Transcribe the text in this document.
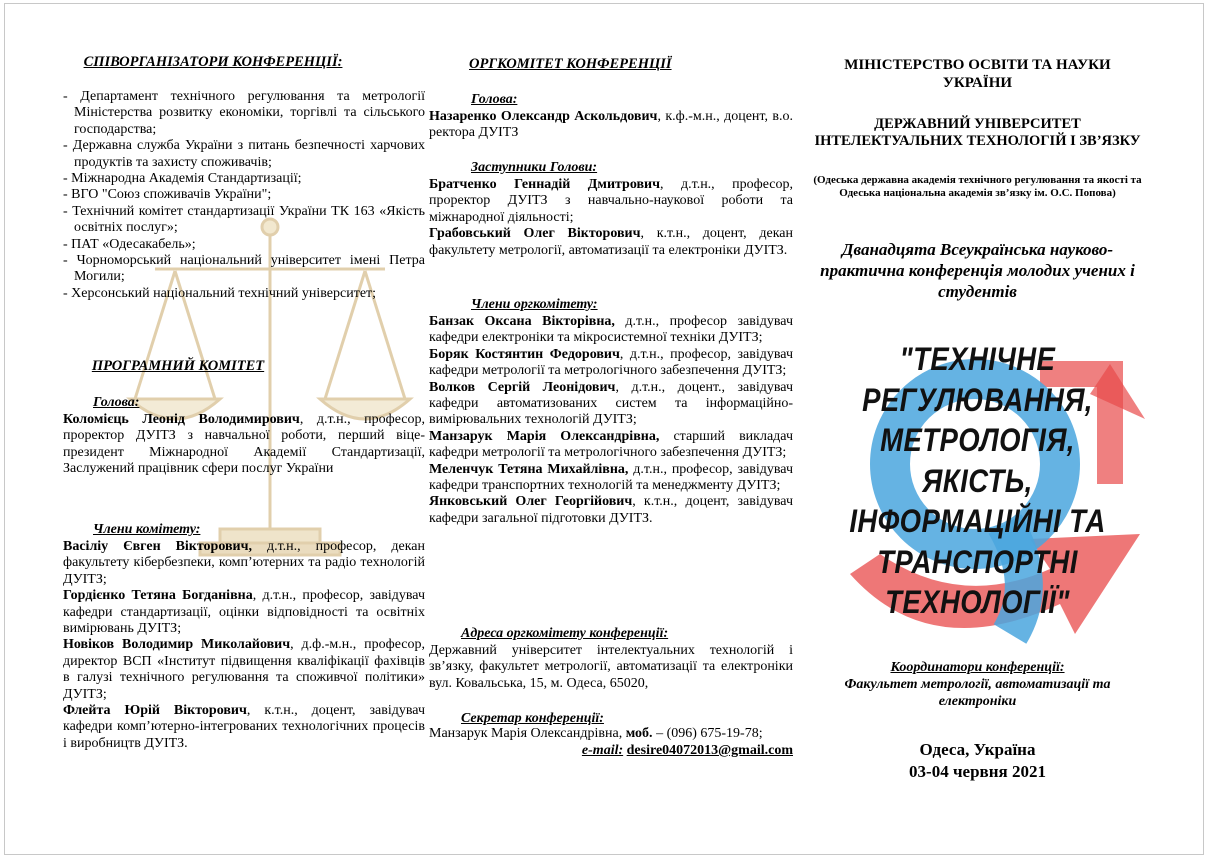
СПІВОРГАНІЗАТОРИ КОНФЕРЕНЦІЇ:
- Департамент технічного регулювання та метрології Міністерства розвитку економіки, торгівлі та сільського господарства;
- Державна служба України з питань безпечності харчових продуктів та захисту споживачів;
- Міжнародна Академія Стандартизації;
- ВГО "Союз споживачів України";
- Технічний комітет стандартизації України ТК 163 «Якість освітніх послуг»;
- ПАТ «Одесакабель»;
- Чорноморський національний університет імені Петра Могили;
- Херсонський національний технічний університет;
ПРОГРАМНИЙ КОМІТЕТ
Голова:

Коломієць Леонід Володимирович, д.т.н., професор, проректор ДУІТЗ з навчальної роботи, перший віце-президент Міжнародної Академії Стандартизації, Заслужений працівник сфери послуг України

Члени комітету:

Васіліу Євген Вікторович, д.т.н., професор, декан факультету кібербезпеки, комп’ютерних та радіо технологій ДУІТЗ;

Гордієнко Тетяна Богданівна, д.т.н., професор, завідувач кафедри стандартизації, оцінки відповідності та освітніх вимірювань ДУІТЗ;

Новіков Володимир Миколайович, д.ф.-м.н., професор, директор ВСП «Інститут підвищення кваліфікації фахівців в галузі технічного регулювання та споживчої політики» ДУІТЗ;

Флейта Юрій Вікторович, к.т.н., доцент, завідувач кафедри комп’ютерно-інтегрованих технологічних процесів і виробництв ДУІТЗ.

ОРГКОМІТЕТ КОНФЕРЕНЦІЇ
Голова:

Назаренко Олександр Аскольдович, к.ф.-м.н., доцент, в.о. ректора ДУІТЗ

Заступники Голови:

Братченко Геннадій Дмитрович, д.т.н., професор, проректор ДУІТЗ з навчально-наукової роботи та міжнародної діяльності;

Грабовський Олег Вікторович, к.т.н., доцент, декан факультету метрології, автоматизації та електроніки ДУІТЗ.

Члени оргкомітету:

Банзак Оксана Вікторівна, д.т.н., професор завідувач кафедри електроніки та мікросистемної техніки ДУІТЗ;

Боряк Костянтин Федорович, д.т.н., професор, завідувач кафедри метрології та метрологічного забезпечення ДУІТЗ;

Волков Сергій Леонідович, д.т.н., доцент., завідувач кафедри автоматизованих систем та інформаційно-вимірювальних технологій ДУІТЗ;

Манзарук Марія Олександрівна, старший викладач кафедри метрології та метрологічного забезпечення ДУІТЗ;

Меленчук Тетяна Михайлівна, д.т.н., професор, завідувач кафедри транспортних технологій та менеджменту ДУІТЗ;

Янковський Олег Георгійович, к.т.н., доцент, завідувач кафедри загальної підготовки ДУІТЗ.

Адреса оргкомітету конференції:

Державний університет інтелектуальних технологій і зв’язку, факультет метрології, автоматизації та електроніки вул. Ковальська, 15, м. Одеса, 65020,

Секретар конференції:

Манзарук Марія Олександрівна, моб. – (096) 675-19-78;

e-mail: desire04072013@gmail.com

МІНІСТЕРСТВО ОСВІТИ ТА НАУКИ УКРАЇНИ
ДЕРЖАВНИЙ УНІВЕРСИТЕТ ІНТЕЛЕКТУАЛЬНИХ ТЕХНОЛОГІЙ І ЗВ’ЯЗКУ
(Одеська державна академія технічного регулювання та якості та Одеська національна академія зв’язку ім. О.С. Попова)
Дванадцята Всеукраїнська науково-практична конференція молодих учених і студентів
"ТЕХНІЧНЕ РЕГУЛЮВАННЯ, МЕТРОЛОГІЯ, ЯКІСТЬ, ІНФОРМАЦІЙНІ ТА ТРАНСПОРТНІ ТЕХНОЛОГІЇ"
Координатори конференції:
Факультет метрології, автоматизації та електроніки
Одеса, Україна
03-04 червня 2021
